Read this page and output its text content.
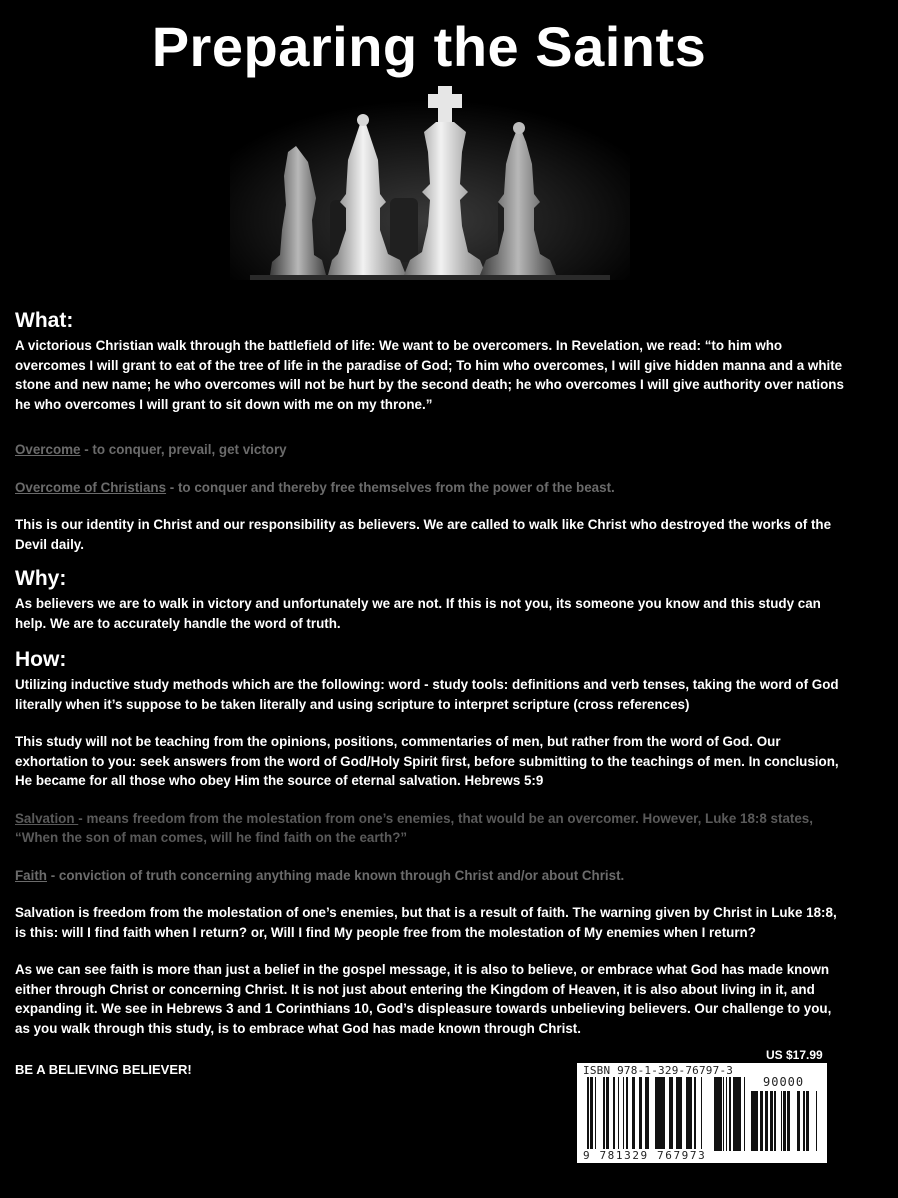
Preparing the Saints
What:

A victorious Christian walk through the battlefield of life: We want to be overcomers. In Revelation, we read: “to him who overcomes I will grant to eat of the tree of life in the paradise of God; To him who overcomes, I will give hidden manna and a white stone and new name; he who overcomes will not be hurt by the second death; he who overcomes I will give authority over nations he who overcomes I will grant to sit down with me on my throne.”

Overcome - to conquer, prevail, get victory

Overcome of Christians - to conquer and thereby free themselves from the power of the beast.

This is our identity in Christ and our responsibility as believers. We are called to walk like Christ who destroyed the works of the Devil daily.

Why:

As believers we are to walk in victory and unfortunately we are not. If this is not you, its someone you know and this study can help. We are to accurately handle the word of truth.

How:

Utilizing inductive study methods which are the following: word - study tools: definitions and verb tenses, taking the word of God literally when it’s suppose to be taken literally and using scripture to interpret scripture (cross references)

This study will not be teaching from the opinions, positions, commentaries of men, but rather from the word of God. Our exhortation to you: seek answers from the word of God/Holy Spirit first, before submitting to the teachings of men. In conclusion, He became for all those who obey Him the source of eternal salvation. Hebrews 5:9

Salvation - means freedom from the molestation from one’s enemies, that would be an overcomer. However, Luke 18:8 states, “When the son of man comes, will he find faith on the earth?”

Faith - conviction of truth concerning anything made known through Christ and/or about Christ.

Salvation is freedom from the molestation of one’s enemies, but that is a result of faith. The warning given by Christ in Luke 18:8, is this: will I find faith when I return? or, Will I find My people free from the molestation of My enemies when I return?

As we can see faith is more than just a belief in the gospel message, it is also to believe, or embrace what God has made known either through Christ or concerning Christ. It is not just about entering the Kingdom of Heaven, it is also about living in it, and expanding it. We see in Hebrews 3 and 1 Corinthians 10, God’s displeasure towards unbelieving believers. Our challenge to you, as you walk through this study, is to embrace what God has made known through Christ.

US $17.99
BE A BELIEVING BELIEVER!	ISBN 978-1-329-76797-3
90000
9 781329 767973
